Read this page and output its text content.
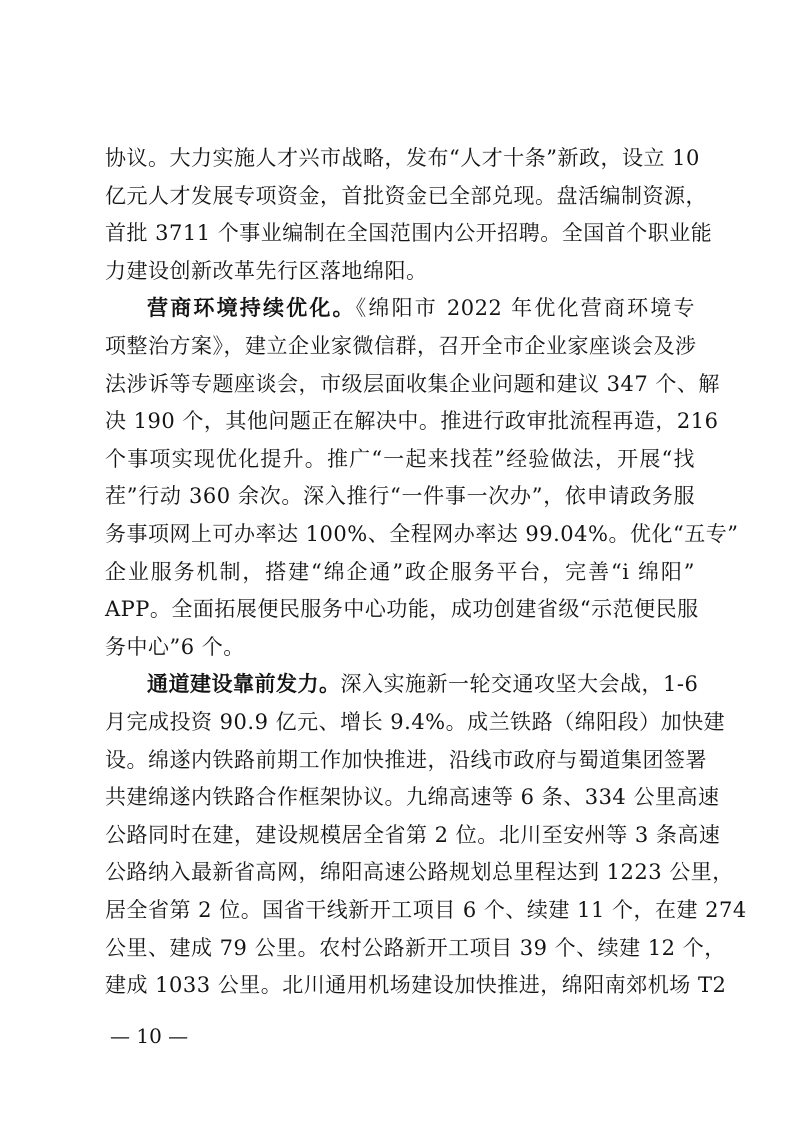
协议。大力实施人才兴市战略，发布“人才十条”新政，设立 10
亿元人才发展专项资金，首批资金已全部兑现。盘活编制资源，
首批 3711 个事业编制在全国范围内公开招聘。全国首个职业能
力建设创新改革先行区落地绵阳。
营商环境持续优化。《绵阳市 2022 年优化营商环境专
项整治方案》，建立企业家微信群，召开全市企业家座谈会及涉
法涉诉等专题座谈会，市级层面收集企业问题和建议 347 个、解
决 190 个，其他问题正在解决中。推进行政审批流程再造，216
个事项实现优化提升。推广“一起来找茬”经验做法，开展“找
茬”行动 360 余次。深入推行“一件事一次办”，依申请政务服
务事项网上可办率达 100%、全程网办率达 99.04%。优化“五专”
企业服务机制，搭建“绵企通”政企服务平台，完善“i 绵阳”
APP。全面拓展便民服务中心功能，成功创建省级“示范便民服
务中心”6 个。
通道建设靠前发力。深入实施新一轮交通攻坚大会战，1-6
月完成投资 90.9 亿元、增长 9.4%。成兰铁路（绵阳段）加快建
设。绵遂内铁路前期工作加快推进，沿线市政府与蜀道集团签署
共建绵遂内铁路合作框架协议。九绵高速等 6 条、334 公里高速
公路同时在建，建设规模居全省第 2 位。北川至安州等 3 条高速
公路纳入最新省高网，绵阳高速公路规划总里程达到 1223 公里，
居全省第 2 位。国省干线新开工项目 6 个、续建 11 个，在建 274
公里、建成 79 公里。农村公路新开工项目 39 个、续建 12 个，
建成 1033 公里。北川通用机场建设加快推进，绵阳南郊机场 T2
— 10 —
